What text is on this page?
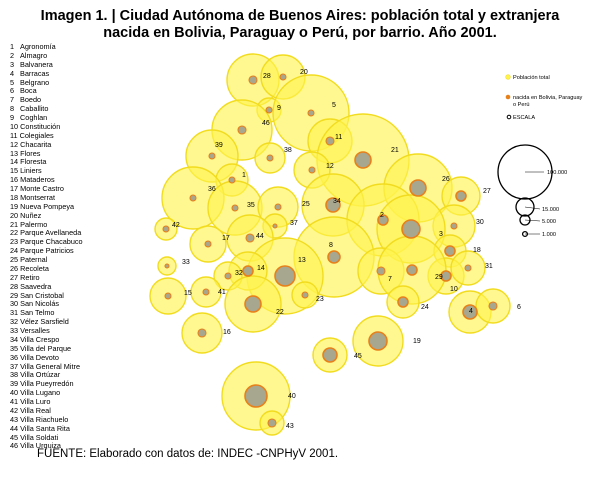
Imagen 1. | Ciudad Autónoma de Buenos Aires: población total y extranjera
nacida en Bolivia, Paraguay o Perú, por barrio. Año 2001.
1 Agronomía
2 Almagro
3 Balvanera
4 Barracas
5 Belgrano
6 Boca
7 Boedo
8 Caballito
9 Coghlan
10 Constitución
11 Colegiales
12 Chacarita
13 Flores
14 Floresta
15 Liniers
16 Mataderos
17 Monte Castro
18 Montserrat
19 Nueva Pompeya
20 Nuñez
21 Palermo
22 Parque Avellaneda
23 Parque Chacabuco
24 Parque Patricios
25 Paternal
26 Recoleta
27 Retiro
28 Saavedra
29 San Cristobal
30 San Nicolás
31 San Telmo
32 Vélez Sarsfield
33 Versalles
34 Villa Crespo
35 Villa del Parque
36 Villa Devoto
37 Villa General Mitre
38 Villa Ortúzar
39 Villa Pueyrredón
40 Villa Lugano
41 Villa Luro
42 Villa Real
43 Villa Riachuelo
44 Villa Santa Rita
45 Villa Soldati
46 Villa Urquiza
28
20
9
46
5
11
39
38	21
12
1
26
27
36
35
34
25
2
30
42	37
3
17	44
8
18
33	13
14
7	29
31
32
41
15
22
23
10
4
6
24
16
19
45
40
43
Población total
nacida en Bolivia, Paraguay
o Perú
ESCALA
100.000
15.000
5.000
1.000
FUENTE: Elaborado con datos de: INDEC -CNPHyV 2001.
